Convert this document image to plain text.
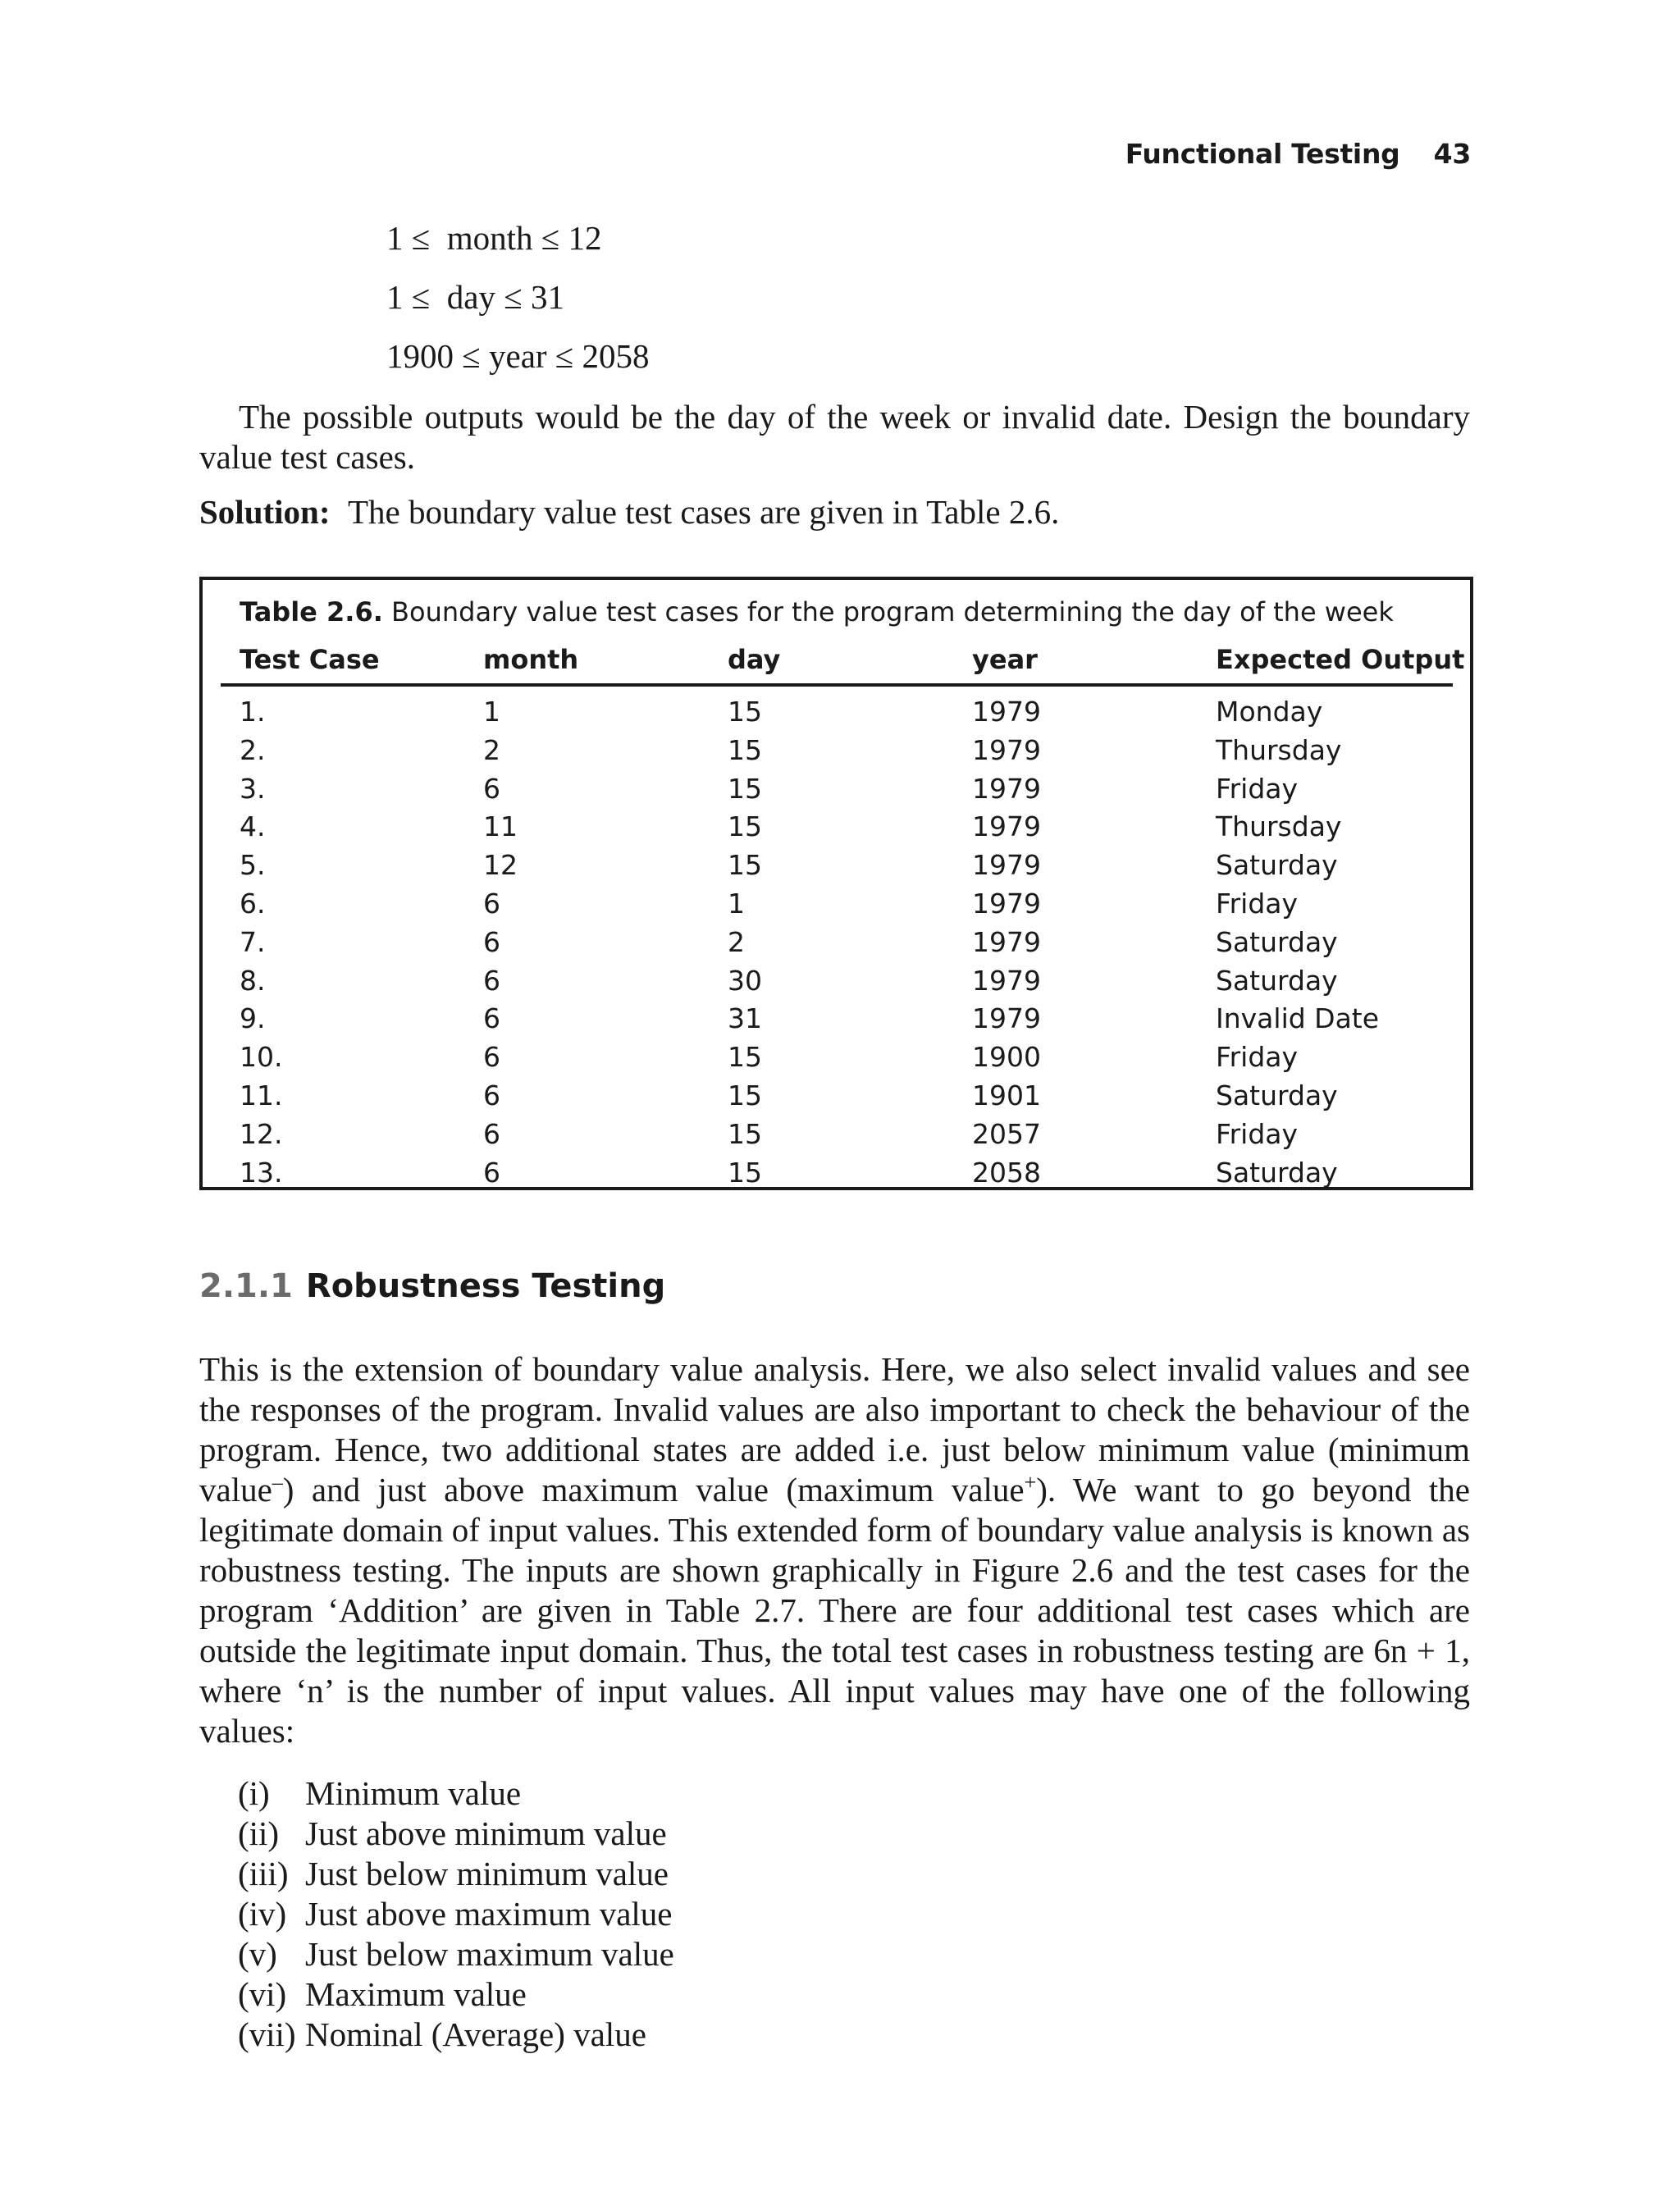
Functional Testing 43
1 ≤  month ≤ 12
1 ≤  day ≤ 31
1900 ≤ year ≤ 2058
The possible outputs would be the day of the week or invalid date. Design the boundary
value test cases.
Solution: The boundary value test cases are given in Table 2.6.
Table 2.6. Boundary value test cases for the program determining the day of the week
Test Case	month	day	year	Expected Output
1.	1	15	1979	Monday
2.	2	15	1979	Thursday
3.	6	15	1979	Friday
4.	11	15	1979	Thursday
5.	12	15	1979	Saturday
6.	6	1	1979	Friday
7.	6	2	1979	Saturday
8.	6	30	1979	Saturday
9.	6	31	1979	Invalid Date
10.	6	15	1900	Friday
11.	6	15	1901	Saturday
12.	6	15	2057	Friday
13.	6	15	2058	Saturday
2.1.1 Robustness Testing
This is the extension of boundary value analysis. Here, we also select invalid values and see
the responses of the program. Invalid values are also important to check the behaviour of the
program. Hence, two additional states are added i.e. just below minimum value (minimum
value–) and just above maximum value (maximum value+). We want to go beyond the
legitimate domain of input values. This extended form of boundary value analysis is known as
robustness testing. The inputs are shown graphically in Figure 2.6 and the test cases for the
program ‘Addition’ are given in Table 2.7. There are four additional test cases which are
outside the legitimate input domain. Thus, the total test cases in robustness testing are 6n + 1,
where ‘n’ is the number of input values. All input values may have one of the following
values:
(i) Minimum value
(ii) Just above minimum value
(iii) Just below minimum value
(iv) Just above maximum value
(v) Just below maximum value
(vi) Maximum value
(vii) Nominal (Average) value
